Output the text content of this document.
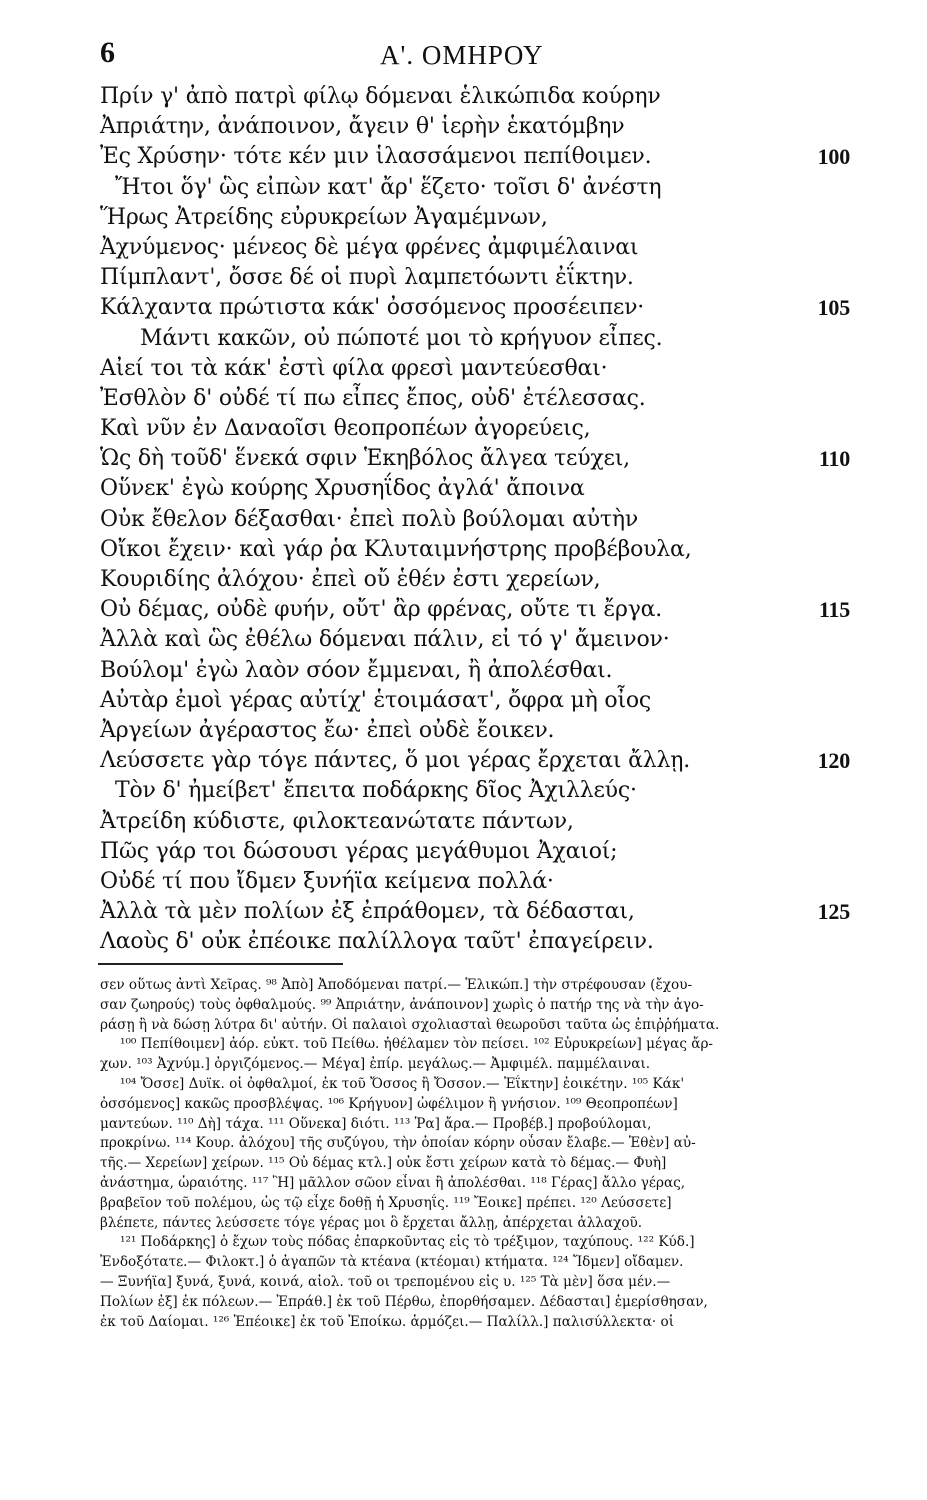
6	Α'. ΟΜΗΡΟΥ
Πρίν γ' ἀπὸ πατρὶ φίλῳ δόμεναι ἑλικώπιδα κούρην
Ἀπριάτην, ἀνάποινον, ἄγειν θ' ἱερὴν ἑκατόμβην
Ἐς Χρύσην· τότε κέν μιν ἱλασσάμενοι πεπίθοιμεν.	100
Ἤτοι ὅγ' ὣς εἰπὼν κατ' ἄρ' ἕζετο· τοῖσι δ' ἀνέστη
Ἥρως Ἀτρείδης εὐρυκρείων Ἀγαμέμνων,
Ἀχνύμενος· μένεος δὲ μέγα φρένες ἀμφιμέλαιναι
Πίμπλαντ', ὄσσε δέ οἱ πυρὶ λαμπετόωντι ἐΐκτην.
Κάλχαντα πρώτιστα κάκ' ὀσσόμενος προσέειπεν·	105
Μάντι κακῶν, οὐ πώποτέ μοι τὸ κρήγυον εἶπες.
Αἰεί τοι τὰ κάκ' ἐστὶ φίλα φρεσὶ μαντεύεσθαι·
Ἐσθλὸν δ' οὐδέ τί πω εἶπες ἔπος, οὐδ' ἐτέλεσσας.
Καὶ νῦν ἐν Δαναοῖσι θεοπροπέων ἀγορεύεις,
Ὡς δὴ τοῦδ' ἕνεκά σφιν Ἑκηβόλος ἄλγεα τεύχει,	110
Οὕνεκ' ἐγὼ κούρης Χρυσηΐδος ἀγλά' ἄποινα
Οὐκ ἔθελον δέξασθαι· ἐπεὶ πολὺ βούλομαι αὐτὴν
Οἴκοι ἔχειν· καὶ γάρ ῥα Κλυταιμνήστρης προβέβουλα,
Κουριδίης ἀλόχου· ἐπεὶ οὔ ἑθέν ἐστι χερείων,
Οὐ δέμας, οὐδὲ φυήν, οὔτ' ἂρ φρένας, οὔτε τι ἔργα.	115
Ἀλλὰ καὶ ὣς ἐθέλω δόμεναι πάλιν, εἰ τό γ' ἄμεινον·
Βούλομ' ἐγὼ λαὸν σόον ἔμμεναι, ἢ ἀπολέσθαι.
Αὐτὰρ ἐμοὶ γέρας αὐτίχ' ἑτοιμάσατ', ὄφρα μὴ οἶος
Ἀργείων ἀγέραστος ἔω· ἐπεὶ οὐδὲ ἔοικεν.
Λεύσσετε γὰρ τόγε πάντες, ὅ μοι γέρας ἔρχεται ἄλλῃ.	120
Τὸν δ' ἠμείβετ' ἔπειτα ποδάρκης δῖος Ἀχιλλεύς·
Ἀτρείδη κύδιστε, φιλοκτεανώτατε πάντων,
Πῶς γάρ τοι δώσουσι γέρας μεγάθυμοι Ἀχαιοί;
Οὐδέ τί που ἴδμεν ξυνήϊα κείμενα πολλά·
Ἀλλὰ τὰ μὲν πολίων ἐξ ἐπράθομεν, τὰ δέδασται,	125
Λαοὺς δ' οὐκ ἐπέοικε παλίλλογα ταῦτ' ἐπαγείρειν.
σεν οὕτως ἀντὶ Χεῖρας. ⁹⁸ Ἀπὸ] Ἀποδόμεναι πατρί.— Ἑλικώπ.] τὴν στρέφουσαν (ἔχου-
σαν ζωηρούς) τοὺς ὀφθαλμούς. ⁹⁹ Ἀπριάτην, ἀνάποινον] χωρὶς ὁ πατήρ της νὰ τὴν ἀγο-
ράσῃ ἢ νὰ δώσῃ λύτρα δι' αὐτήν. Οἱ παλαιοὶ σχολιασταὶ θεωροῦσι ταῦτα ὡς ἐπιῤῥήματα.
¹⁰⁰ Πεπίθοιμεν] ἀόρ. εὐκτ. τοῦ Πείθω. ἠθέλαμεν τὸν πείσει. ¹⁰² Εὐρυκρείων] μέγας ἄρ-
χων. ¹⁰³ Ἀχνύμ.] ὀργιζόμενος.— Μέγα] ἐπίρ. μεγάλως.— Ἀμφιμέλ. παμμέλαιναι.
¹⁰⁴ Ὄσσε] Δυϊκ. οἱ ὀφθαλμοί, ἐκ τοῦ Ὄσσος ἢ Ὄσσον.— Ἐΐκτην] ἐοικέτην. ¹⁰⁵ Κάκ'
ὀσσόμενος] κακῶς προσβλέψας. ¹⁰⁶ Κρήγυον] ὠφέλιμον ἢ γνήσιον. ¹⁰⁹ Θεοπροπέων]
μαντεύων. ¹¹⁰ Δὴ] τάχα. ¹¹¹ Οὕνεκα] διότι. ¹¹³ Ῥα] ἄρα.— Προβέβ.] προβούλομαι,
προκρίνω. ¹¹⁴ Κουρ. ἀλόχου] τῆς συζύγου, τὴν ὁποίαν κόρην οὖσαν ἔλαβε.— Ἑθὲν] αὐ-
τῆς.— Χερείων] χείρων. ¹¹⁵ Οὐ δέμας κτλ.] οὐκ ἔστι χείρων κατὰ τὸ δέμας.— Φυὴ]
ἀνάστημα, ὡραιότης. ¹¹⁷ Ἢ] μᾶλλον σῶον εἶναι ἢ ἀπολέσθαι. ¹¹⁸ Γέρας] ἄλλο γέρας,
βραβεῖον τοῦ πολέμου, ὡς τῷ εἶχε δοθῇ ἡ Χρυσηΐς. ¹¹⁹ Ἔοικε] πρέπει. ¹²⁰ Λεύσσετε]
βλέπετε, πάντες λεύσσετε τόγε γέρας μοι ὃ ἔρχεται ἄλλῃ, ἀπέρχεται ἀλλαχοῦ.
¹²¹ Ποδάρκης] ὁ ἔχων τοὺς πόδας ἐπαρκοῦντας εἰς τὸ τρέξιμον, ταχύπους. ¹²² Κύδ.]
Ἐνδοξότατε.— Φιλοκτ.] ὁ ἀγαπῶν τὰ κτέανα (κτέομαι) κτήματα. ¹²⁴ Ἴδμεν] οἴδαμεν.
— Ξυνήϊα] ξυνά, ξυνά, κοινά, αἰολ. τοῦ οι τρεπομένου εἰς υ. ¹²⁵ Τὰ μὲν] ὅσα μέν.—
Πολίων ἐξ] ἐκ πόλεων.— Ἐπράθ.] ἐκ τοῦ Πέρθω, ἐπορθήσαμεν. Δέδασται] ἐμερίσθησαν,
ἐκ τοῦ Δαίομαι. ¹²⁶ Ἐπέοικε] ἐκ τοῦ Ἐποίκω. ἁρμόζει.— Παλίλλ.] παλισύλλεκτα· οἱ
